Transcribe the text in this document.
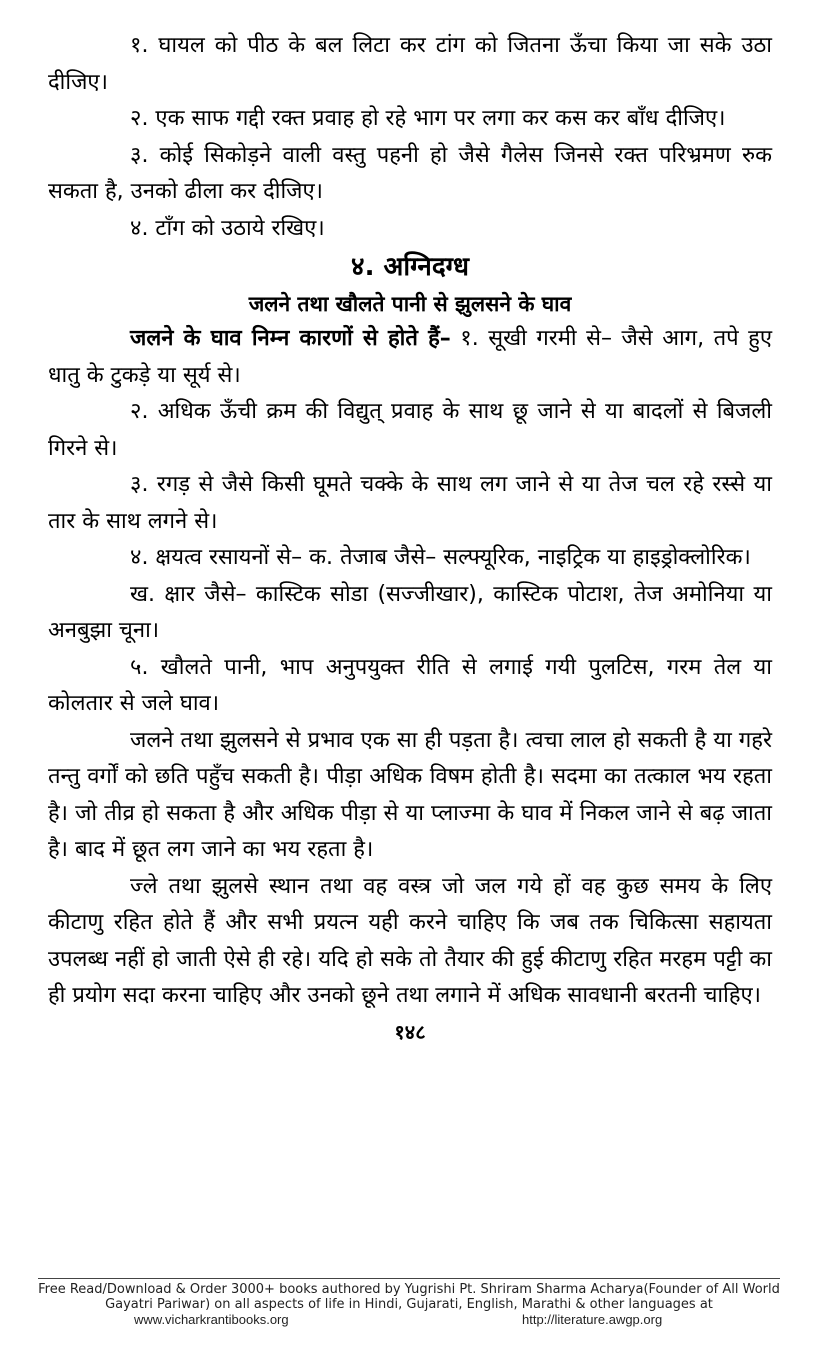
१. घायल को पीठ के बल लिटा कर टांग को जितना ऊँचा किया जा सके उठा दीजिए।

२. एक साफ गद्दी रक्त प्रवाह हो रहे भाग पर लगा कर कस कर बाँध दीजिए।

३. कोई सिकोड़ने वाली वस्तु पहनी हो जैसे गैलेस जिनसे रक्त परिभ्रमण रुक सकता है, उनको ढीला कर दीजिए।

४. टाँग को उठाये रखिए।

४. अग्निदग्ध

जलने तथा खौलते पानी से झुलसने के घाव

जलने के घाव निम्न कारणों से होते हैं– १. सूखी गरमी से– जैसे आग, तपे हुए धातु के टुकड़े या सूर्य से।

२. अधिक ऊँची क्रम की विद्युत् प्रवाह के साथ छू जाने से या बादलों से बिजली गिरने से।

३. रगड़ से जैसे किसी घूमते चक्के के साथ लग जाने से या तेज चल रहे रस्से या तार के साथ लगने से।

४. क्षयत्व रसायनों से– क. तेजाब जैसे– सल्फ्यूरिक, नाइट्रिक या हाइड्रोक्लोरिक।

ख. क्षार जैसे– कास्टिक सोडा (सज्जीखार), कास्टिक पोटाश, तेज अमोनिया या अनबुझा चूना।

५. खौलते पानी, भाप अनुपयुक्त रीति से लगाई गयी पुलटिस, गरम तेल या कोलतार से जले घाव।

जलने तथा झुलसने से प्रभाव एक सा ही पड़ता है। त्वचा लाल हो सकती है या गहरे तन्तु वर्गों को छति पहुँच सकती है। पीड़ा अधिक विषम होती है। सदमा का तत्काल भय रहता है। जो तीव्र हो सकता है और अधिक पीड़ा से या प्लाज्मा के घाव में निकल जाने से बढ़ जाता है। बाद में छूत लग जाने का भय रहता है।

ज्ले तथा झुलसे स्थान तथा वह वस्त्र जो जल गये हों वह कुछ समय के लिए कीटाणु रहित होते हैं और सभी प्रयत्न यही करने चाहिए कि जब तक चिकित्सा सहायता उपलब्ध नहीं हो जाती ऐसे ही रहे। यदि हो सके तो तैयार की हुई कीटाणु रहित मरहम पट्टी का ही प्रयोग सदा करना चाहिए और उनको छूने तथा लगाने में अधिक सावधानी बरतनी चाहिए।

१४८
Free Read/Download & Order 3000+ books authored by Yugrishi Pt. Shriram Sharma Acharya(Founder of All World Gayatri Pariwar) on all aspects of life in Hindi, Gujarati, English, Marathi & other languages at
www.vicharkrantibooks.org	http://literature.awgp.org
